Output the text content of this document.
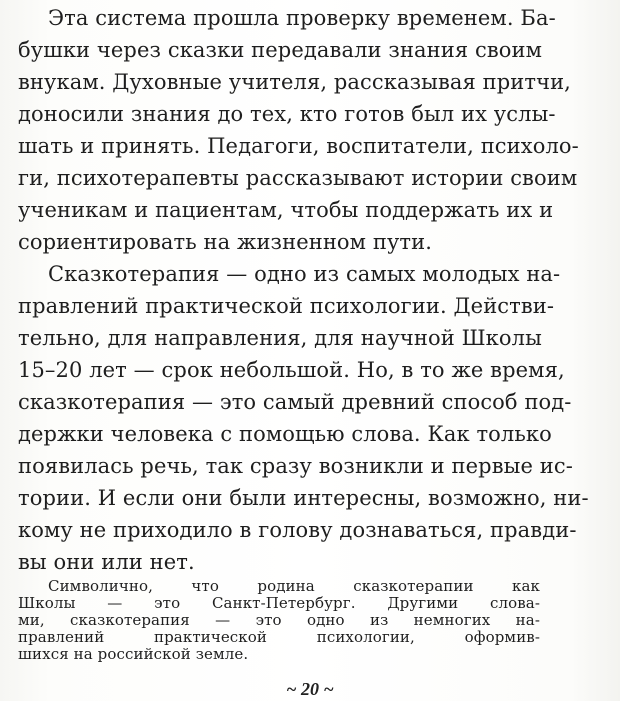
Эта система прошла проверку временем. Ба-
бушки через сказки передавали знания своим
внукам. Духовные учителя, рассказывая притчи,
доносили знания до тех, кто готов был их услы-
шать и принять. Педагоги, воспитатели, психоло-
ги, психотерапевты рассказывают истории своим
ученикам и пациентам, чтобы поддержать их и
сориентировать на жизненном пути.
Сказкотерапия — одно из самых молодых на-
правлений практической психологии. Действи-
тельно, для направления, для научной Школы
15–20 лет — срок небольшой. Но, в то же время,
сказкотерапия — это самый древний способ под-
держки человека с помощью слова. Как только
появилась речь, так сразу возникли и первые ис-
тории. И если они были интересны, возможно, ни-
кому не приходило в голову дознаваться, правди-
вы они или нет.
Символично, что родина сказкотерапии как
Школы — это Санкт-Петербург. Другими слова-
ми, сказкотерапия — это одно из немногих на-
правлений практической психологии, оформив-
шихся на российской земле.
~ 20 ~
